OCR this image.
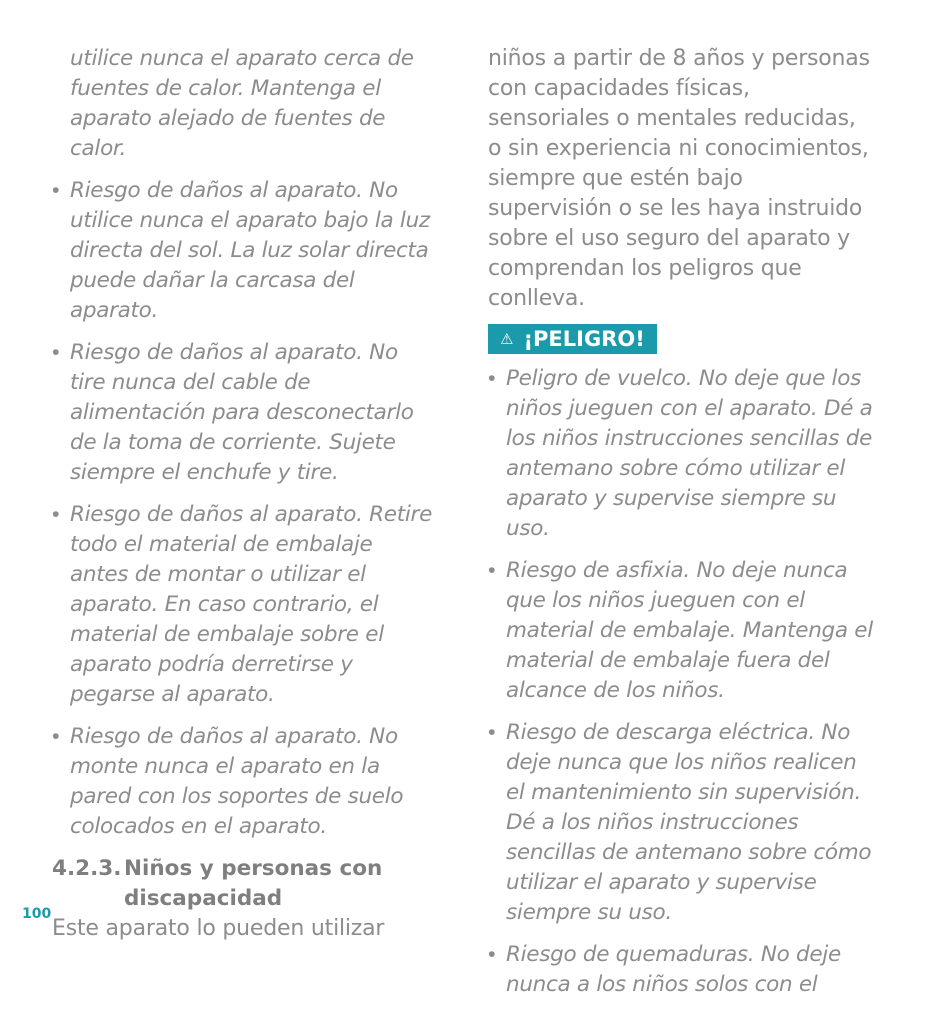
utilice nunca el aparato cerca de fuentes de calor. Mantenga el aparato alejado de fuentes de calor.

• Riesgo de daños al aparato. No utilice nunca el aparato bajo la luz directa del sol. La luz solar directa puede dañar la carcasa del aparato.
• Riesgo de daños al aparato. No tire nunca del cable de alimentación para desconectarlo de la toma de corriente. Sujete siempre el enchufe y tire.
• Riesgo de daños al aparato. Retire todo el material de embalaje antes de montar o utilizar el aparato. En caso contrario, el material de embalaje sobre el aparato podría derretirse y pegarse al aparato.
• Riesgo de daños al aparato. No monte nunca el aparato en la pared con los soportes de suelo colocados en el aparato.
4.2.3. Niños y personas con discapacidad
Este aparato lo pueden utilizar
niños a partir de 8 años y personas con capacidades físicas, sensoriales o mentales reducidas, o sin experiencia ni conocimientos, siempre que estén bajo supervisión o se les haya instruido sobre el uso seguro del aparato y comprendan los peligros que conlleva.
⚠ ¡PELIGRO!
• Peligro de vuelco. No deje que los niños jueguen con el aparato. Dé a los niños instrucciones sencillas de antemano sobre cómo utilizar el aparato y supervise siempre su uso.
• Riesgo de asfixia. No deje nunca que los niños jueguen con el material de embalaje. Mantenga el material de embalaje fuera del alcance de los niños.
• Riesgo de descarga eléctrica. No deje nunca que los niños realicen el mantenimiento sin supervisión. Dé a los niños instrucciones sencillas de antemano sobre cómo utilizar el aparato y supervise siempre su uso.
• Riesgo de quemaduras. No deje nunca a los niños solos con el
100
